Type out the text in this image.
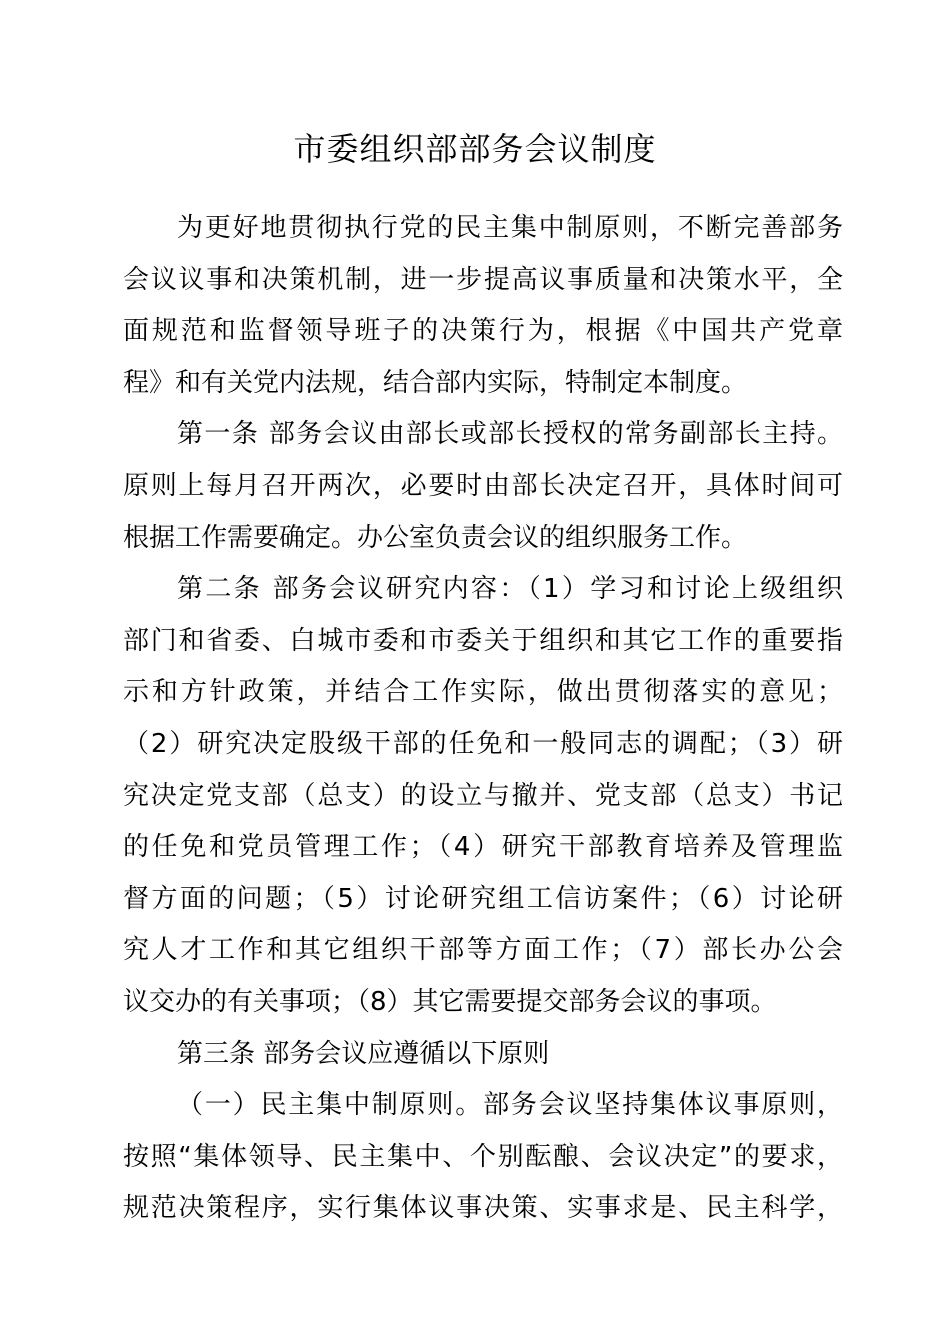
市委组织部部务会议制度
为更好地贯彻执行党的民主集中制原则，不断完善部务
会议议事和决策机制，进一步提高议事质量和决策水平，全
面规范和监督领导班子的决策行为，根据《中国共产党章
程》和有关党内法规，结合部内实际，特制定本制度。
第一条 部务会议由部长或部长授权的常务副部长主持。
原则上每月召开两次，必要时由部长决定召开，具体时间可
根据工作需要确定。办公室负责会议的组织服务工作。
第二条 部务会议研究内容：（1）学习和讨论上级组织
部门和省委、白城市委和市委关于组织和其它工作的重要指
示和方针政策，并结合工作实际，做出贯彻落实的意见；
（2）研究决定股级干部的任免和一般同志的调配；（3）研
究决定党支部（总支）的设立与撤并、党支部（总支）书记
的任免和党员管理工作；（4）研究干部教育培养及管理监
督方面的问题；（5）讨论研究组工信访案件；（6）讨论研
究人才工作和其它组织干部等方面工作；（7）部长办公会
议交办的有关事项；（8）其它需要提交部务会议的事项。
第三条 部务会议应遵循以下原则
（一）民主集中制原则。部务会议坚持集体议事原则，
按照“集体领导、民主集中、个别酝酿、会议决定”的要求，
规范决策程序，实行集体议事决策、实事求是、民主科学，
